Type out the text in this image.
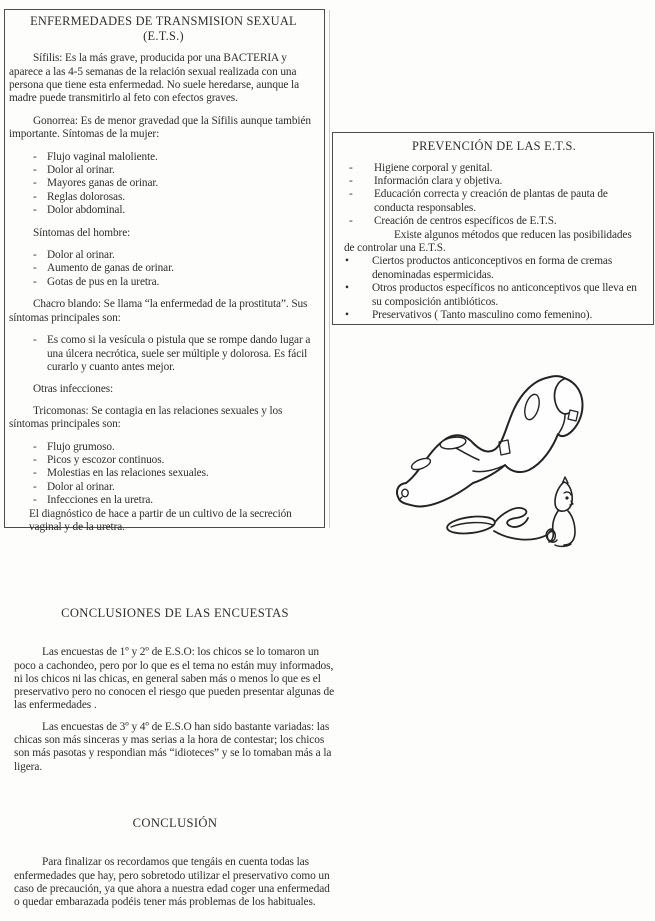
ENFERMEDADES DE TRANSMISION SEXUAL
(E.T.S.)

Sífilis: Es la más grave, producida por una BACTERIA y aparece a las 4-5 semanas de la relación sexual realizada con una persona que tiene esta enfermedad. No suele heredarse, aunque la madre puede transmitirlo al feto con efectos graves.

Gonorrea: Es de menor gravedad que la Sífilis aunque también importante. Síntomas de la mujer:

- Flujo vaginal maloliente.
- Dolor al orinar.
- Mayores ganas de orinar.
- Reglas dolorosas.
- Dolor abdominal.

Síntomas del hombre:

- Dolor al orinar.
- Aumento de ganas de orinar.
- Gotas de pus en la uretra.

Chacro blando: Se llama “la enfermedad de la prostituta”. Sus síntomas principales son:

- Es como si la vesícula o pistula que se rompe dando lugar a una úlcera necrótica, suele ser múltiple y dolorosa. Es fácil curarlo y cuanto antes mejor.

Otras infecciones:

Tricomonas: Se contagia en las relaciones sexuales y los síntomas principales son:

- Flujo grumoso.
- Picos y escozor continuos.
- Molestias en las relaciones sexuales.
- Dolor al orinar.
- Infecciones en la uretra.

El diagnóstico de hace a partir de un cultivo de la secreción vaginal y de la uretra.

PREVENCIÓN DE LAS E.T.S.
-	Higiene corporal y genital.
-	Información clara y objetiva.
-	Educación correcta y creación de plantas de pauta de conducta responsables.
-	Creación de centros específicos de E.T.S.

Existe algunos métodos que reducen las posibilidades de controlar una E.T.S.

•	Ciertos productos anticonceptivos en forma de cremas denominadas espermicidas.
•	Otros productos específicos no anticonceptivos que lleva en su composición antibióticos.
•	Preservativos ( Tanto masculino como femenino).
CONCLUSIONES DE LAS ENCUESTAS

Las encuestas de 1º y 2º de E.S.O: los chicos se lo tomaron un poco a cachondeo, pero por lo que es el tema no están muy informados, ni los chicos ni las chicas, en general saben más o menos lo que es el preservativo pero no conocen el riesgo que pueden presentar algunas de las enfermedades .

Las encuestas de 3º y 4º de E.S.O han sido bastante variadas: las chicas son más sinceras y mas serias a la hora de contestar; los chicos son más pasotas y respondian más “idioteces” y se lo tomaban más a la ligera.

CONCLUSIÓN

Para finalizar os recordamos que tengáis en cuenta todas las enfermedades que hay, pero sobretodo utilizar el preservativo como un caso de precaución, ya que ahora a nuestra edad coger una enfermedad o quedar embarazada podéis tener más problemas de los habituales.
